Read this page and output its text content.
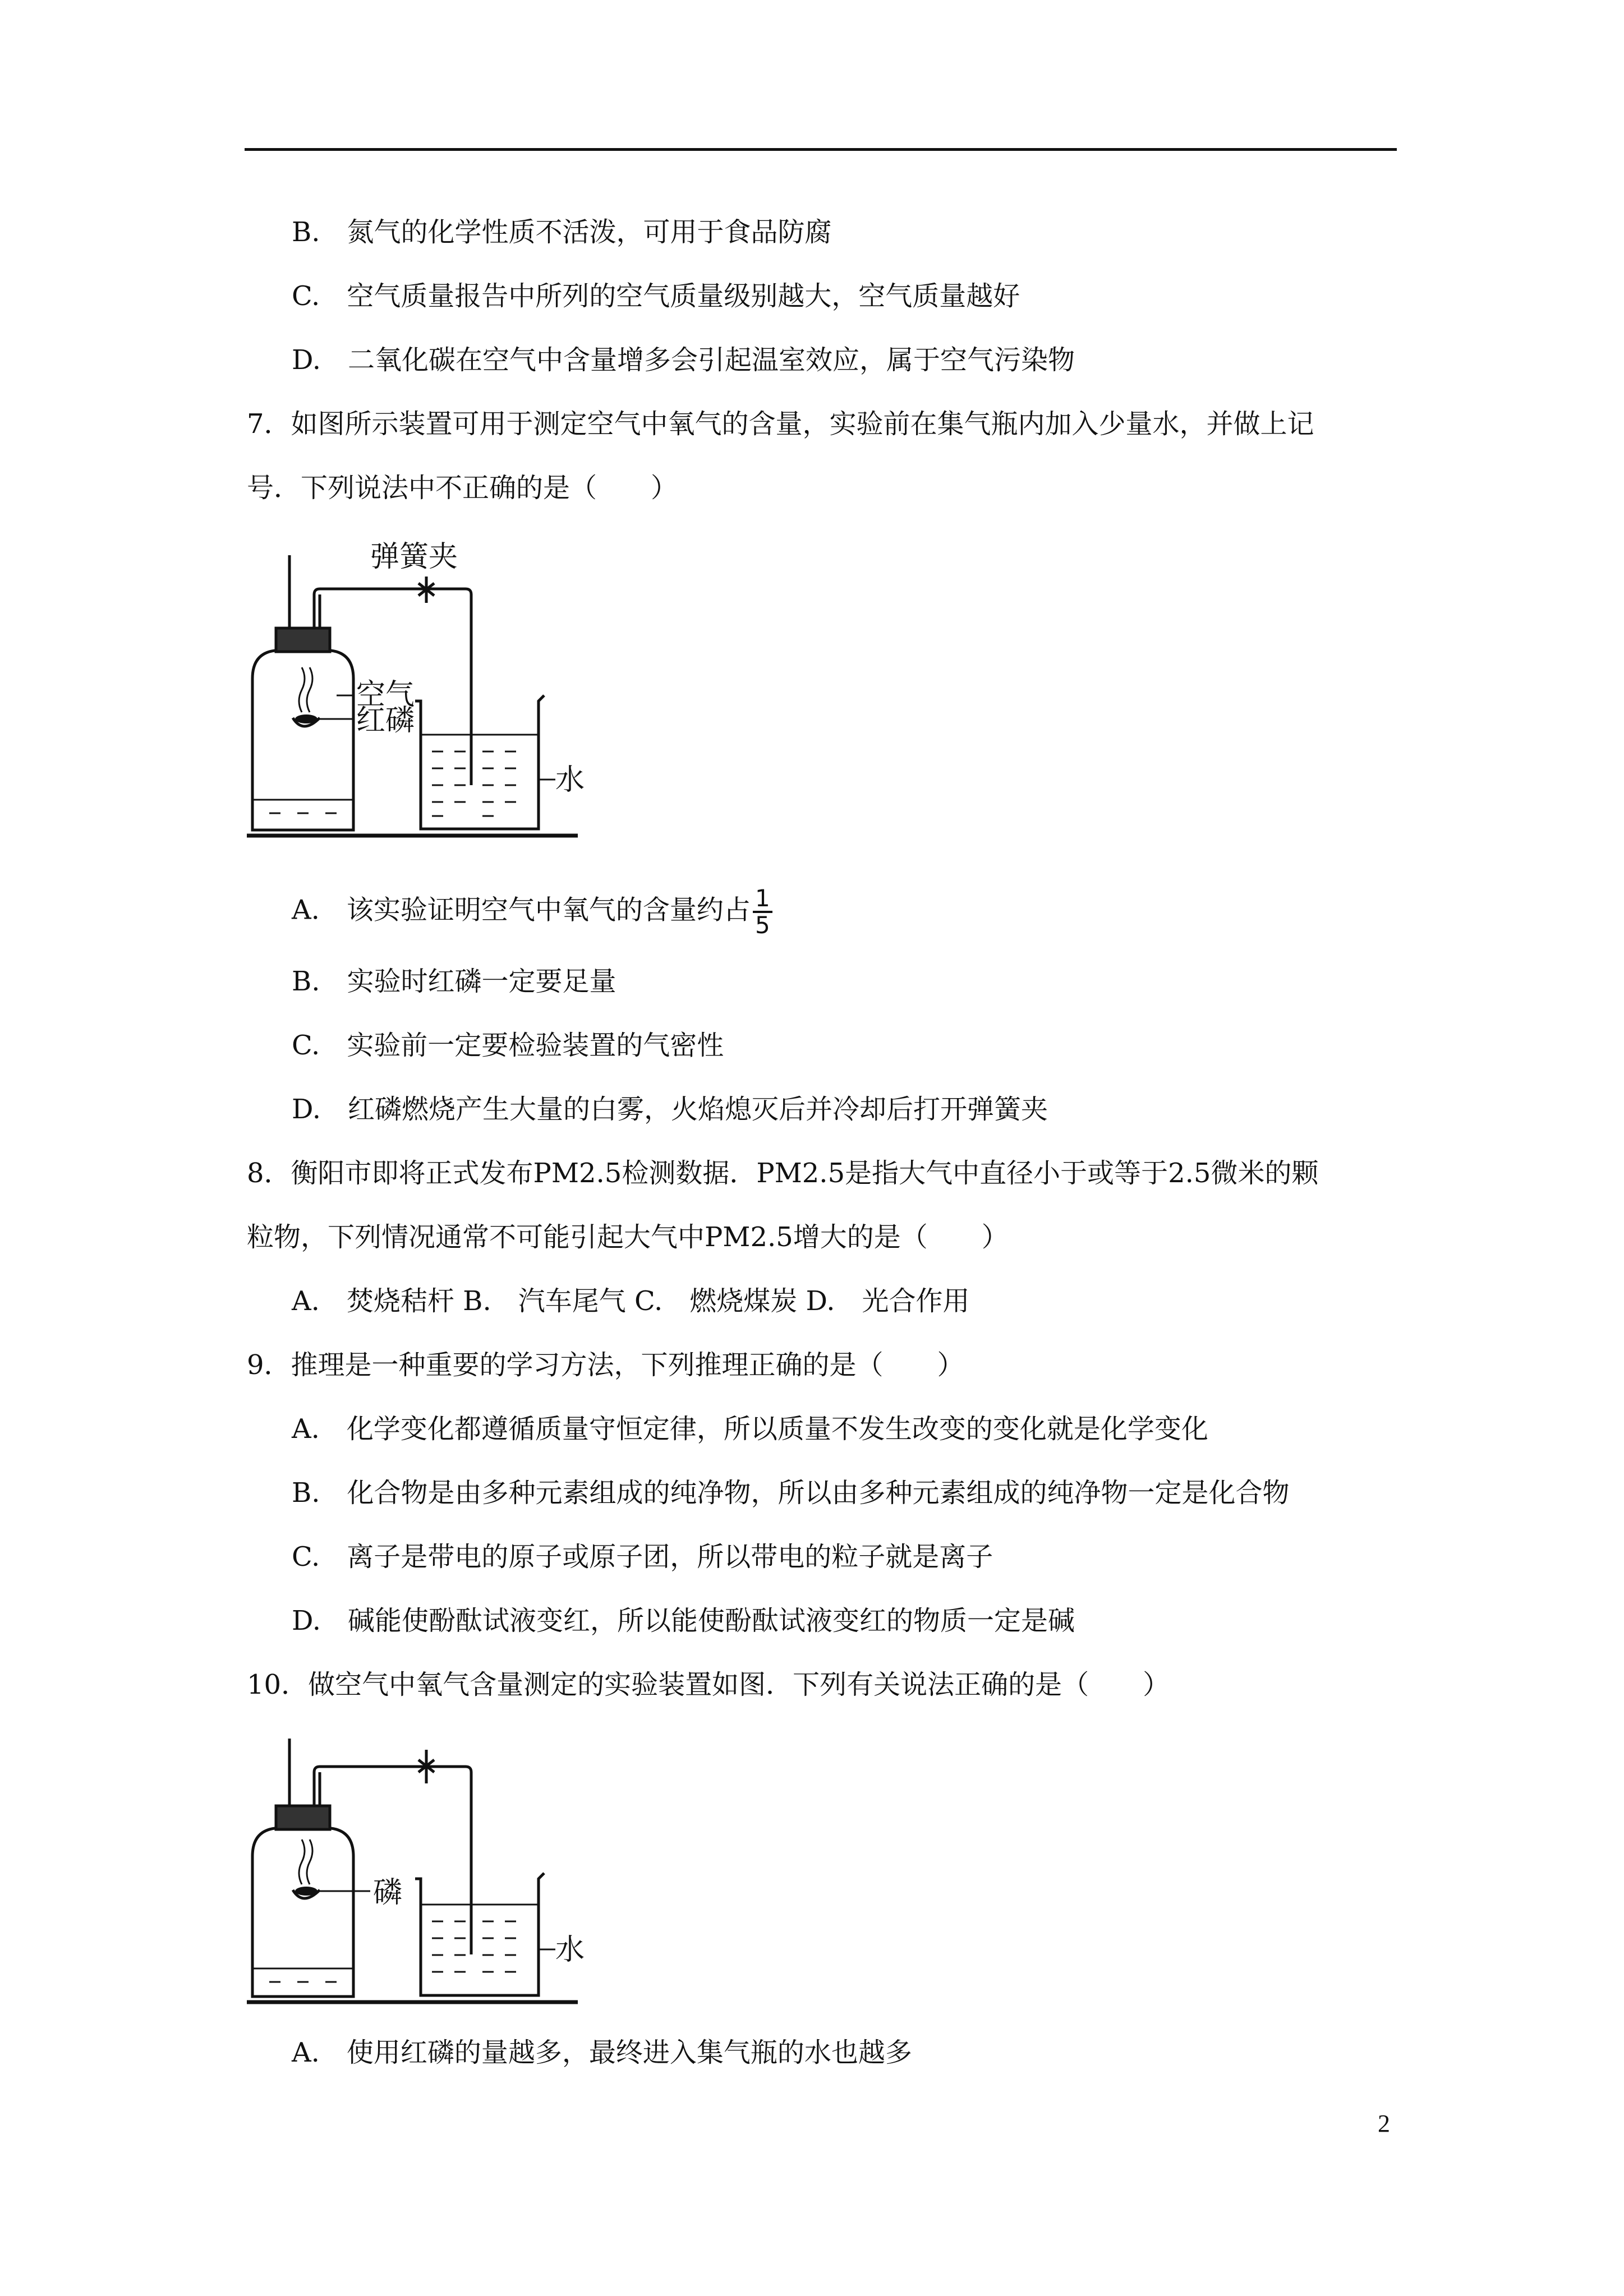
B.　氮气的化学性质不活泼，可用于食品防腐
C.　空气质量报告中所列的空气质量级别越大，空气质量越好
D.　二氧化碳在空气中含量增多会引起温室效应，属于空气污染物
7．如图所示装置可用于测定空气中氧气的含量，实验前在集气瓶内加入少量水，并做上记
号．下列说法中不正确的是（　　）
弹簧夹
空气
红磷
水
A.　该实验证明空气中氧气的含量约占 $\frac{1}{5}$
B.　实验时红磷一定要足量
C.　实验前一定要检验装置的气密性
D.　红磷燃烧产生大量的白雾，火焰熄灭后并冷却后打开弹簧夹
8．衡阳市即将正式发布PM2.5检测数据．PM2.5是指大气中直径小于或等于2.5微米的颗
粒物，下列情况通常不可能引起大气中PM2.5增大的是（　　）
A.　焚烧秸杆 B.　汽车尾气 C.　燃烧煤炭 D.　光合作用
9．推理是一种重要的学习方法，下列推理正确的是（　　）
A.　化学变化都遵循质量守恒定律，所以质量不发生改变的变化就是化学变化
B.　化合物是由多种元素组成的纯净物，所以由多种元素组成的纯净物一定是化合物
C.　离子是带电的原子或原子团，所以带电的粒子就是离子
D.　碱能使酚酞试液变红，所以能使酚酞试液变红的物质一定是碱
10．做空气中氧气含量测定的实验装置如图．下列有关说法正确的是（　　）
磷
水
A.　使用红磷的量越多，最终进入集气瓶的水也越多
2
